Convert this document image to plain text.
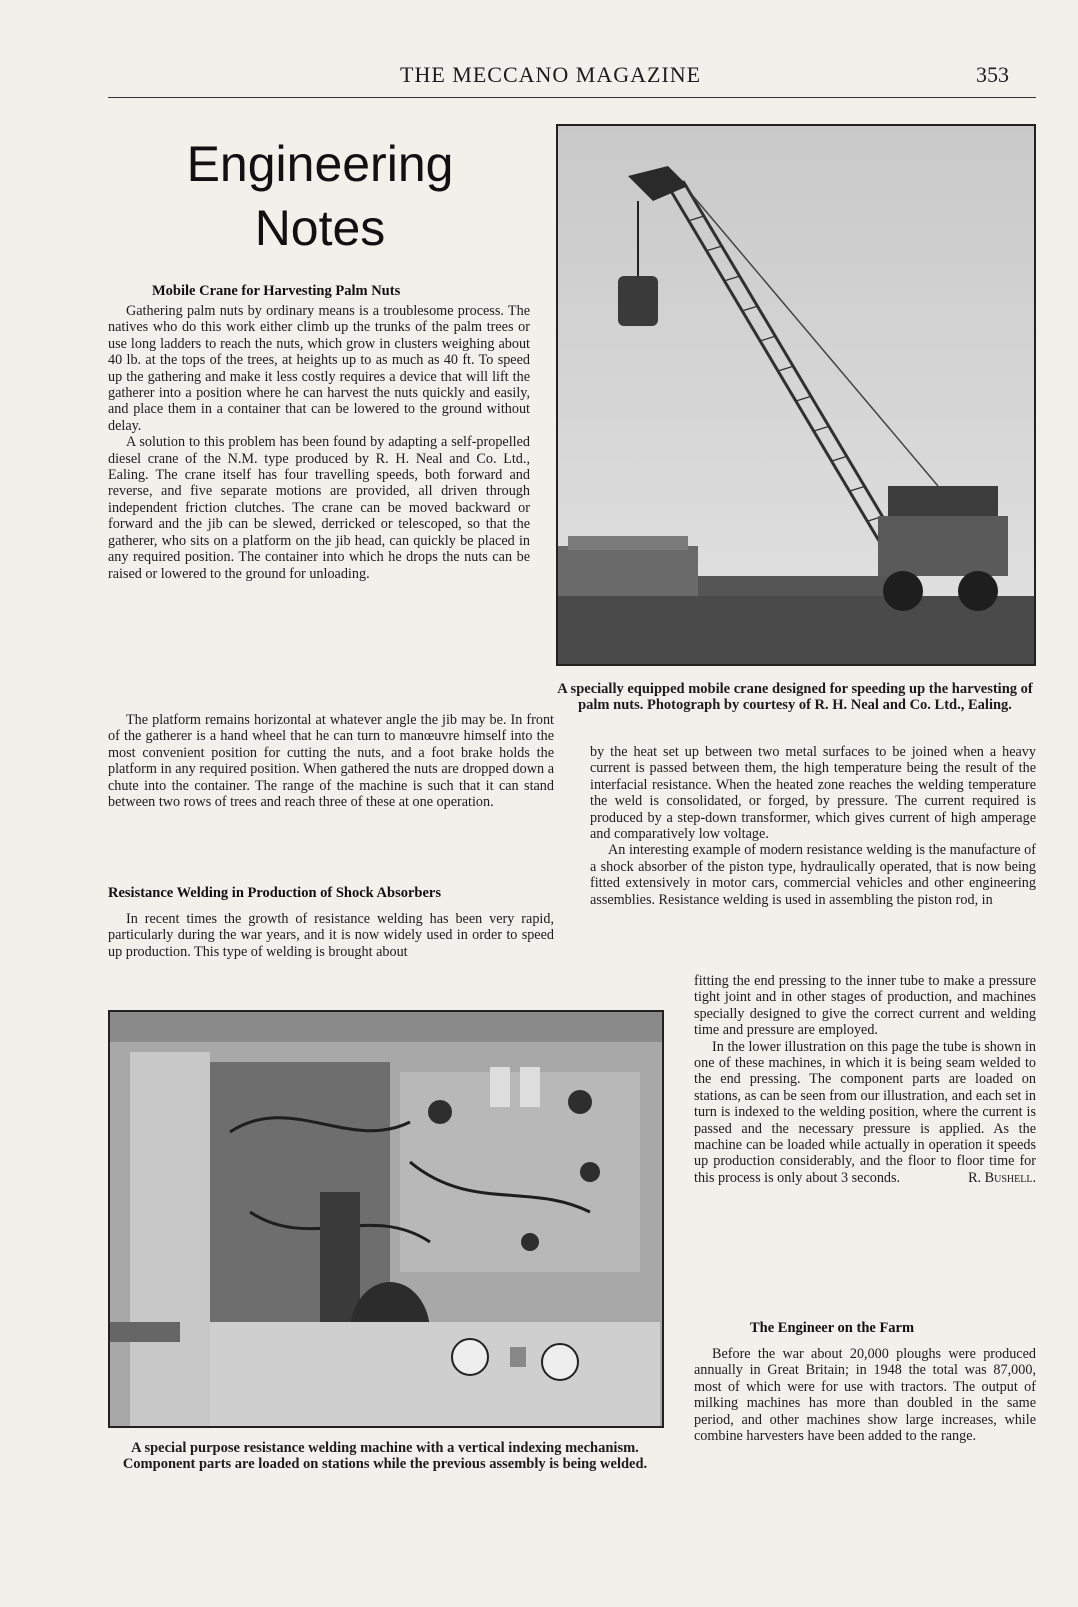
THE MECCANO MAGAZINE	353
Engineering
Notes
Mobile Crane for Harvesting Palm Nuts

Gathering palm nuts by ordinary means is a troublesome process. The natives who do this work either climb up the trunks of the palm trees or use long ladders to reach the nuts, which grow in clusters weighing about 40 lb. at the tops of the trees, at heights up to as much as 40 ft. To speed up the gathering and make it less costly requires a device that will lift the gatherer into a position where he can harvest the nuts quickly and easily, and place them in a container that can be lowered to the ground without delay.

A solution to this problem has been found by adapting a self-propelled diesel crane of the N.M. type produced by R. H. Neal and Co. Ltd., Ealing. The crane itself has four travelling speeds, both forward and reverse, and five separate motions are provided, all driven through independent friction clutches. The crane can be moved backward or forward and the jib can be slewed, derricked or telescoped, so that the gatherer, who sits on a platform on the jib head, can quickly be placed in any required position. The container into which he drops the nuts can be raised or lowered to the ground for unloading.

The platform remains horizontal at whatever angle the jib may be. In front of the gatherer is a hand wheel that he can turn to manœuvre himself into the most convenient position for cutting the nuts, and a foot brake holds the platform in any required position. When gathered the nuts are dropped down a chute into the container. The range of the machine is such that it can stand between two rows of trees and reach three of these at one operation.

Resistance Welding in Production of Shock Absorbers

In recent times the growth of resistance welding has been very rapid, particularly during the war years, and it is now widely used in order to speed up production. This type of welding is brought about

A specially equipped mobile crane designed for speeding up the harvesting of palm nuts. Photograph by courtesy of R. H. Neal and Co. Ltd., Ealing.

by the heat set up between two metal surfaces to be joined when a heavy current is passed between them, the high temperature being the result of the interfacial resistance. When the heated zone reaches the welding temperature the weld is consolidated, or forged, by pressure. The current required is produced by a step-down transformer, which gives current of high amperage and comparatively low voltage.

An interesting example of modern resistance welding is the manufacture of a shock absorber of the piston type, hydraulically operated, that is now being fitted extensively in motor cars, commercial vehicles and other engineering assemblies. Resistance welding is used in assembling the piston rod, in

fitting the end pressing to the inner tube to make a pressure tight joint and in other stages of production, and machines specially designed to give the correct current and welding time and pressure are employed.

In the lower illustration on this page the tube is shown in one of these machines, in which it is being seam welded to the end pressing. The component parts are loaded on stations, as can be seen from our illustration, and each set in turn is indexed to the welding position, where the current is passed and the necessary pressure is applied. As the machine can be loaded while actually in operation it speeds up production considerably, and the floor to floor time for this process is only about 3 seconds.	R. Bushell.
The Engineer on the Farm

Before the war about 20,000 ploughs were produced annually in Great Britain; in 1948 the total was 87,000, most of which were for use with tractors. The output of milking machines has more than doubled in the same period, and other machines show large increases, while combine harvesters have been added to the range.

A special purpose resistance welding machine with a vertical indexing mechanism. Component parts are loaded on stations while the previous assembly is being welded.
